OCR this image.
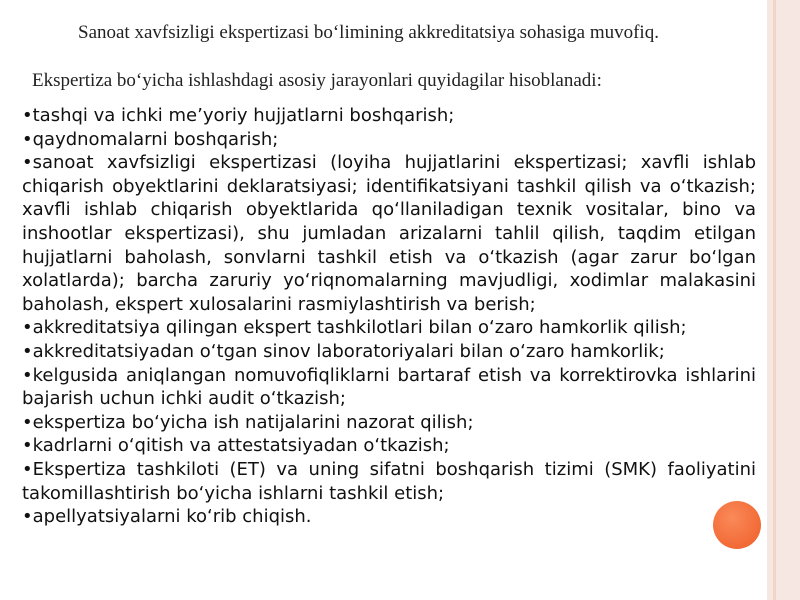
Sanoat xavfsizligi ekspertizasi bo‘limining akkreditatsiya sohasiga muvofiq.
Ekspertiza bo‘yicha ishlashdagi asosiy jarayonlari quyidagilar hisoblanadi:
•tashqi va ichki me’yoriy hujjatlarni boshqarish;
•qaydnomalarni boshqarish;
•sanoat xavfsizligi ekspertizasi (loyiha hujjatlarini ekspertizasi; xavfli ishlab chiqarish obyektlarini deklaratsiyasi; identifikatsiyani tashkil qilish va o‘tkazish; xavfli ishlab chiqarish obyektlarida qo‘llaniladigan texnik vositalar, bino va inshootlar ekspertizasi), shu jumladan arizalarni tahlil qilish, taqdim etilgan hujjatlarni baholash, sonvlarni tashkil etish va o‘tkazish (agar zarur bo‘lgan xolatlarda); barcha zaruriy yo‘riqnomalarning mavjudligi, xodimlar malakasini baholash, ekspert xulosalarini rasmiylashtirish va berish;
•akkreditatsiya qilingan ekspert tashkilotlari bilan o‘zaro hamkorlik qilish;
•akkreditatsiyadan o‘tgan sinov laboratoriyalari bilan o‘zaro hamkorlik;
•kelgusida aniqlangan nomuvofiqliklarni bartaraf etish va korrektirovka ishlarini bajarish uchun ichki audit o‘tkazish;
•ekspertiza bo‘yicha ish natijalarini nazorat qilish;
•kadrlarni o‘qitish va attestatsiyadan o‘tkazish;
•Ekspertiza tashkiloti (ET) va uning sifatni boshqarish tizimi (SMK) faoliyatini takomillashtirish bo‘yicha ishlarni tashkil etish;
•apellyatsiyalarni ko‘rib chiqish.
